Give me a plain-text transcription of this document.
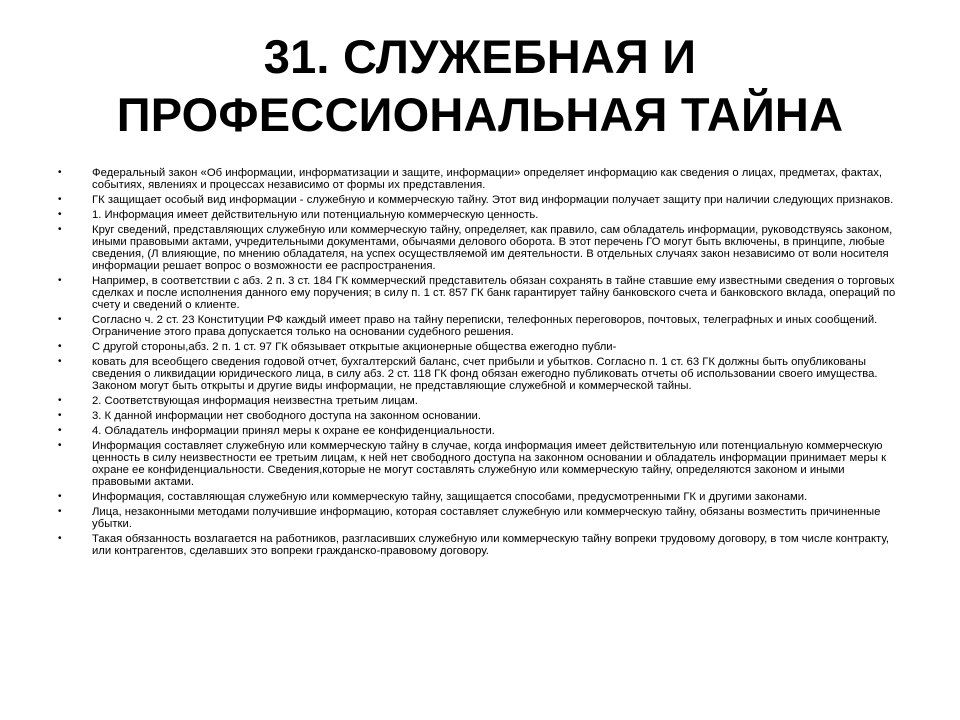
31. СЛУЖЕБНАЯ И
ПРОФЕССИОНАЛЬНАЯ ТАЙНА
•	Федеральный закон «Об информации, информатизации и защите, информации» определяет информацию как сведения о лицах, предметах, фактах, событиях, явлениях и процессах независимо от формы их представления.
•	ГК защищает особый вид информации - служебную и коммерческую тайну. Этот вид информации получает защиту при наличии следующих признаков.
•	1. Информация имеет действительную или потенциальную коммерческую ценность.
•	Круг сведений, представляющих служебную или коммерческую тайну, определяет, как правило, сам обладатель информации, руководствуясь законом, иными правовыми актами, учредительными документами, обычаями делового оборота. В этот перечень ГО могут быть включены, в принципе, любые сведения, (Л влияющие, по мнению обладателя, на успех осуществляемой им деятельности. В отдельных случаях закон независимо от воли носителя информации решает вопрос о возможности ее распространения.
•	Например, в соответствии с абз. 2 п. 3 ст. 184 ГК коммерческий представитель обязан сохранять в тайне ставшие ему известными сведения о торговых сделках и после исполнения данного ему поручения; в силу п. 1 ст. 857 ГК банк гарантирует тайну банковского счета и банковского вклада, операций по счету и сведений о клиенте.
•	Согласно ч. 2 ст. 23 Конституции РФ каждый имеет право на тайну переписки, телефонных переговоров, почтовых, телеграфных и иных сообщений. Ограничение этого права допускается только на основании судебного решения.
•	С другой стороны,абз. 2 п. 1 ст. 97 ГК обязывает открытые акционерные общества ежегодно публи-
•	ковать для всеобщего сведения годовой отчет, бухгалтерский баланс, счет прибыли и убытков. Согласно п. 1 ст. 63 ГК должны быть опубликованы сведения о ликвидации юридического лица, в силу абз. 2 ст. 118 ГК фонд обязан ежегодно публиковать отчеты об использовании своего имущества. Законом могут быть открыты и другие виды информации, не представляющие служебной и коммерческой тайны.
•	2. Соответствующая информация неизвестна третьим лицам.
•	3. К данной информации нет свободного доступа на законном основании.
•	4. Обладатель информации принял меры к охране ее конфиденциальности.
•	Информация составляет служебную или коммерческую тайну в случае, когда информация имеет действительную или потенциальную коммерческую ценность в силу неизвестности ее третьим лицам, к ней нет свободного доступа на законном основании и обладатель информации принимает меры к охране ее конфиденциальности. Сведения,которые не могут составлять служебную или коммерческую тайну, определяются законом и иными правовыми актами.
•	Информация, составляющая служебную или коммерческую тайну, защищается способами, предусмотренными ГК и другими законами.
•	Лица, незаконными методами получившие информацию, которая составляет служебную или коммерческую тайну, обязаны возместить причиненные убытки.
•	Такая обязанность возлагается на работников, разгласивших служебную или коммерческую тайну вопреки трудовому договору, в том числе контракту, или контрагентов, сделавших это вопреки гражданско-правовому договору.
